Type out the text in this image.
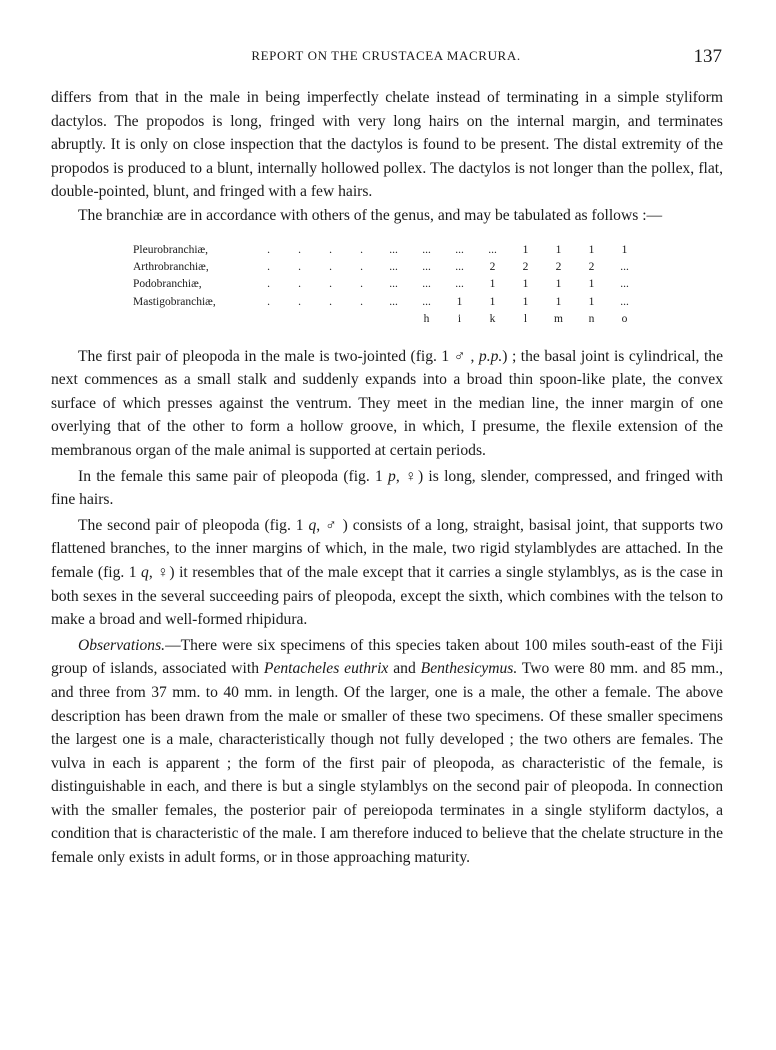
REPORT ON THE CRUSTACEA MACRURA.	137

differs from that in the male in being imperfectly chelate instead of terminating in a simple styliform dactylos. The propodos is long, fringed with very long hairs on the internal margin, and terminates abruptly. It is only on close inspection that the dactylos is found to be present. The distal extremity of the propodos is produced to a blunt, internally hollowed pollex. The dactylos is not longer than the pollex, flat, double-pointed, blunt, and fringed with a few hairs.

The branchiæ are in accordance with others of the genus, and may be tabulated as follows :—

Pleurobranchiæ,	.	.	.	.	...	...	...	...	1	1	1	1
Arthrobranchiæ,	.	.	.	.	...	...	...	2	2	2	2	...
Podobranchiæ,	.	.	.	.	...	...	...	1	1	1	1	...
Mastigobranchiæ,	.	.	.	.	...	...	1	1	1	1	1	...
						h	i	k	l	m	n	o

The first pair of pleopoda in the male is two-jointed (fig. 1 ♂ , p.p.) ; the basal joint is cylindrical, the next commences as a small stalk and suddenly expands into a broad thin spoon-like plate, the convex surface of which presses against the ventrum. They meet in the median line, the inner margin of one overlying that of the other to form a hollow groove, in which, I presume, the flexile extension of the membranous organ of the male animal is supported at certain periods.

In the female this same pair of pleopoda (fig. 1 p, ♀) is long, slender, compressed, and fringed with fine hairs.

The second pair of pleopoda (fig. 1 q, ♂ ) consists of a long, straight, basisal joint, that supports two flattened branches, to the inner margins of which, in the male, two rigid stylamblydes are attached. In the female (fig. 1 q, ♀) it resembles that of the male except that it carries a single stylamblys, as is the case in both sexes in the several succeeding pairs of pleopoda, except the sixth, which combines with the telson to make a broad and well-formed rhipidura.

Observations.—There were six specimens of this species taken about 100 miles south-east of the Fiji group of islands, associated with Pentacheles euthrix and Benthesicymus. Two were 80 mm. and 85 mm., and three from 37 mm. to 40 mm. in length. Of the larger, one is a male, the other a female. The above description has been drawn from the male or smaller of these two specimens. Of these smaller specimens the largest one is a male, characteristically though not fully developed ; the two others are females. The vulva in each is apparent ; the form of the first pair of pleopoda, as characteristic of the female, is distinguishable in each, and there is but a single stylamblys on the second pair of pleopoda. In connection with the smaller females, the posterior pair of pereiopoda terminates in a single styliform dactylos, a condition that is characteristic of the male. I am therefore induced to believe that the chelate structure in the female only exists in adult forms, or in those approaching maturity.
